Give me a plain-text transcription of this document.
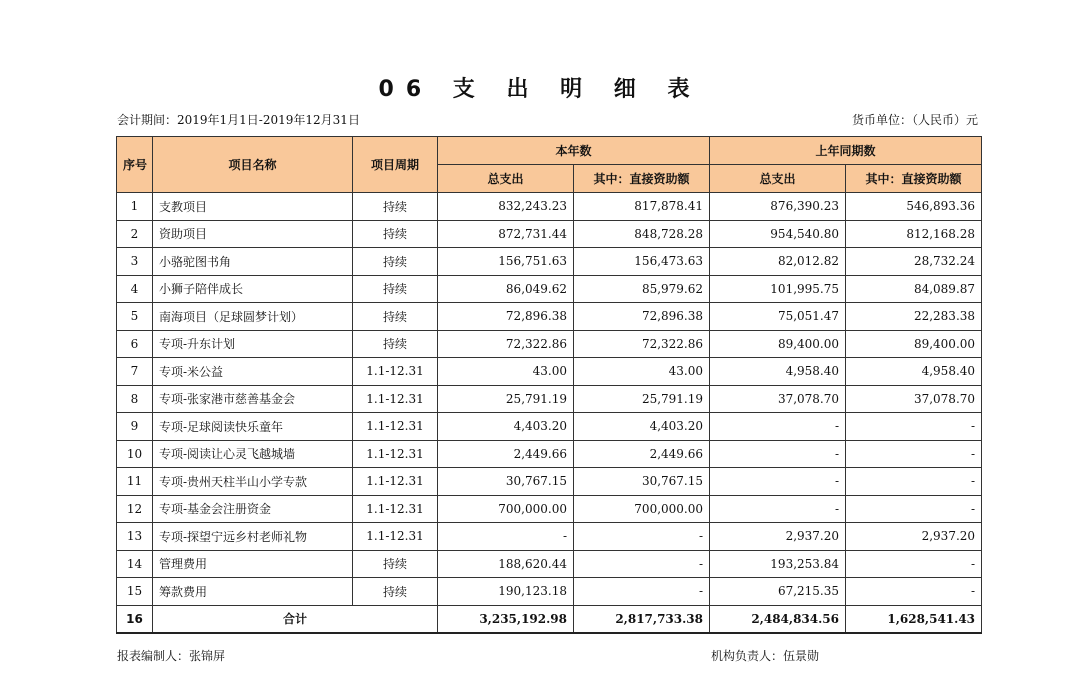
06 支 出 明 细 表
会计期间：2019年1月1日-2019年12月31日	货币单位：（人民币）元
序号	项目名称	项目周期	本年数		上年同期数	
			总支出	其中：直接资助额	总支出	其中：直接资助额
1	支教项目	持续	832,243.23	817,878.41	876,390.23	546,893.36
2	资助项目	持续	872,731.44	848,728.28	954,540.80	812,168.28
3	小骆驼图书角	持续	156,751.63	156,473.63	82,012.82	28,732.24
4	小狮子陪伴成长	持续	86,049.62	85,979.62	101,995.75	84,089.87
5	南海项目（足球圆梦计划）	持续	72,896.38	72,896.38	75,051.47	22,283.38
6	专项-升东计划	持续	72,322.86	72,322.86	89,400.00	89,400.00
7	专项-米公益	1.1-12.31	43.00	43.00	4,958.40	4,958.40
8	专项-张家港市慈善基金会	1.1-12.31	25,791.19	25,791.19	37,078.70	37,078.70
9	专项-足球阅读快乐童年	1.1-12.31	4,403.20	4,403.20	-	-
10	专项-阅读让心灵飞越城墙	1.1-12.31	2,449.66	2,449.66	-	-
11	专项-贵州天柱半山小学专款	1.1-12.31	30,767.15	30,767.15	-	-
12	专项-基金会注册资金	1.1-12.31	700,000.00	700,000.00	-	-
13	专项-探望宁远乡村老师礼物	1.1-12.31	-	-	2,937.20	2,937.20
14	管理费用	持续	188,620.44	-	193,253.84	-
15	筹款费用	持续	190,123.18	-	67,215.35	-
16	合计		3,235,192.98	2,817,733.38	2,484,834.56	1,628,541.43
报表编制人：张锦屏	机构负责人：伍景勋
